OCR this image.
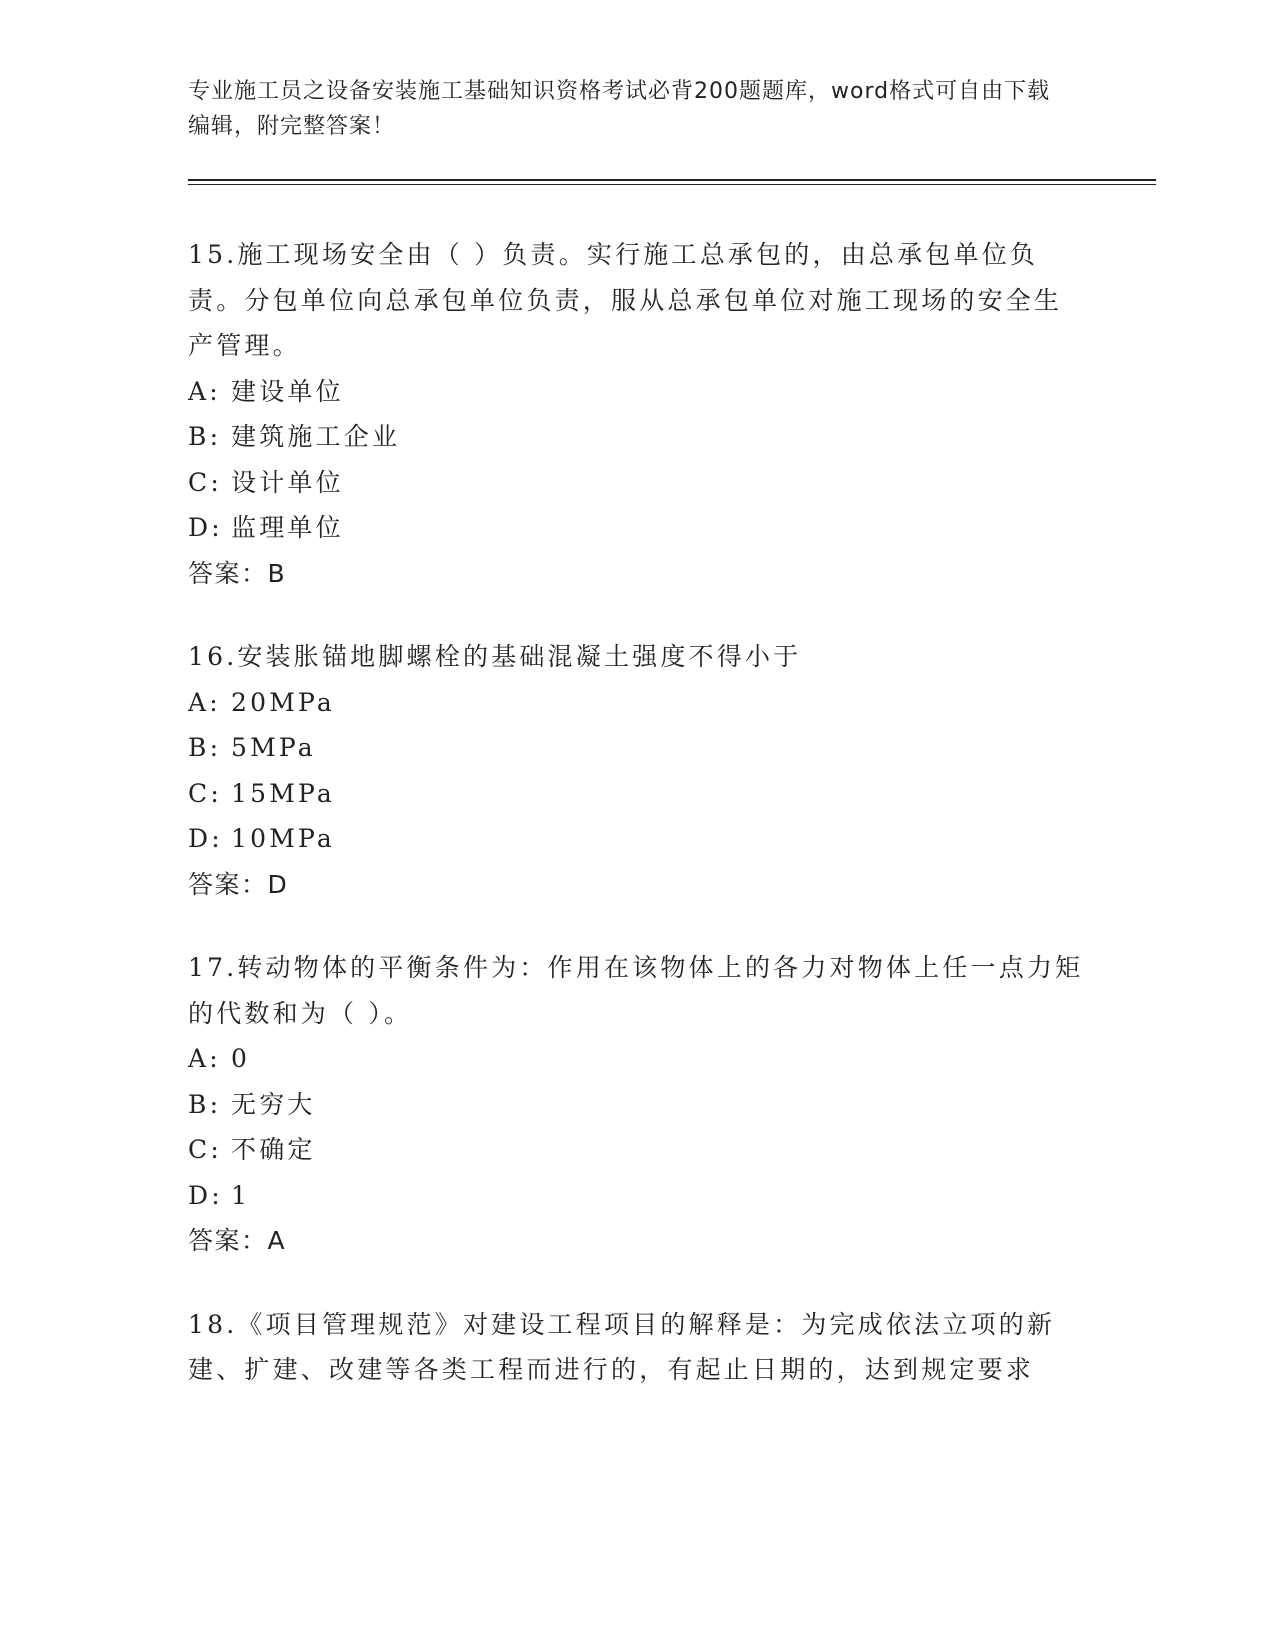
专业施工员之设备安装施工基础知识资格考试必背200题题库，word格式可自由下载编辑，附完整答案！

15.施工现场安全由（ ）负责。实行施工总承包的，由总承包单位负责。分包单位向总承包单位负责，服从总承包单位对施工现场的安全生产管理。

A: 建设单位
B: 建筑施工企业
C: 设计单位
D: 监理单位
答案：B

16.安装胀锚地脚螺栓的基础混凝土强度不得小于

A: 20MPa
B: 5MPa
C: 15MPa
D: 10MPa
答案：D

17.转动物体的平衡条件为：作用在该物体上的各力对物体上任一点力矩的代数和为（ ）。

A: 0
B: 无穷大
C: 不确定
D: 1
答案：A

18.《项目管理规范》对建设工程项目的解释是：为完成依法立项的新建、扩建、改建等各类工程而进行的，有起止日期的，达到规定要求
